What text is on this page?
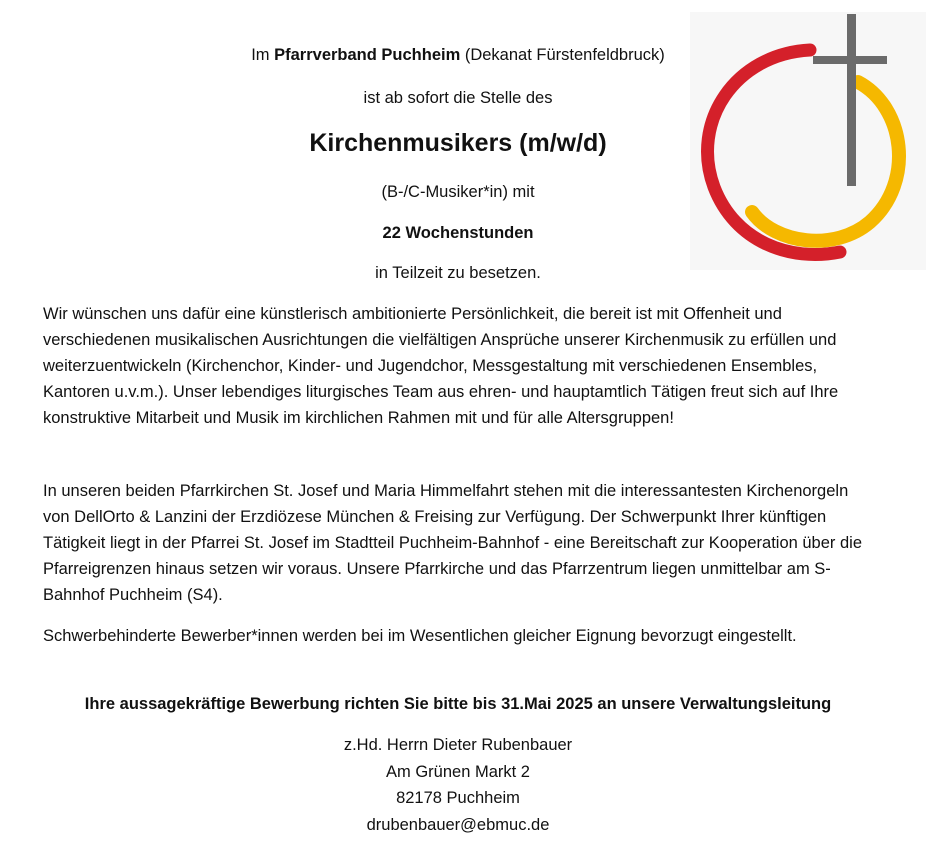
Im Pfarrverband Puchheim (Dekanat Fürstenfeldbruck)
ist ab sofort die Stelle des
Kirchenmusikers (m/w/d)
(B-/C-Musiker*in) mit
22 Wochenstunden
in Teilzeit zu besetzen.
Wir wünschen uns dafür eine künstlerisch ambitionierte Persönlichkeit, die bereit ist mit Offenheit und verschiedenen musikalischen Ausrichtungen die vielfältigen Ansprüche unserer Kirchenmusik zu erfüllen und weiterzuentwickeln (Kirchenchor, Kinder- und Jugendchor, Messgestaltung mit verschiedenen Ensembles, Kantoren u.v.m.). Unser lebendiges liturgisches Team aus ehren- und hauptamtlich Tätigen freut sich auf Ihre konstruktive Mitarbeit und Musik im kirchlichen Rahmen mit und für alle Altersgruppen!
In unseren beiden Pfarrkirchen St. Josef und Maria Himmelfahrt stehen mit die interessantesten Kirchenorgeln von DellOrto & Lanzini der Erzdiözese München & Freising zur Verfügung. Der Schwerpunkt Ihrer künftigen Tätigkeit liegt in der Pfarrei St. Josef im Stadtteil Puchheim-Bahnhof - eine Bereitschaft zur Kooperation über die Pfarreigrenzen hinaus setzen wir voraus. Unsere Pfarrkirche und das Pfarrzentrum liegen unmittelbar am S-Bahnhof Puchheim (S4).
Schwerbehinderte Bewerber*innen werden bei im Wesentlichen gleicher Eignung bevorzugt eingestellt.
Ihre aussagekräftige Bewerbung richten Sie bitte bis 31.Mai 2025 an unsere Verwaltungsleitung
z.Hd. Herrn Dieter Rubenbauer
Am Grünen Markt 2
82178 Puchheim
drubenbauer@ebmuc.de
